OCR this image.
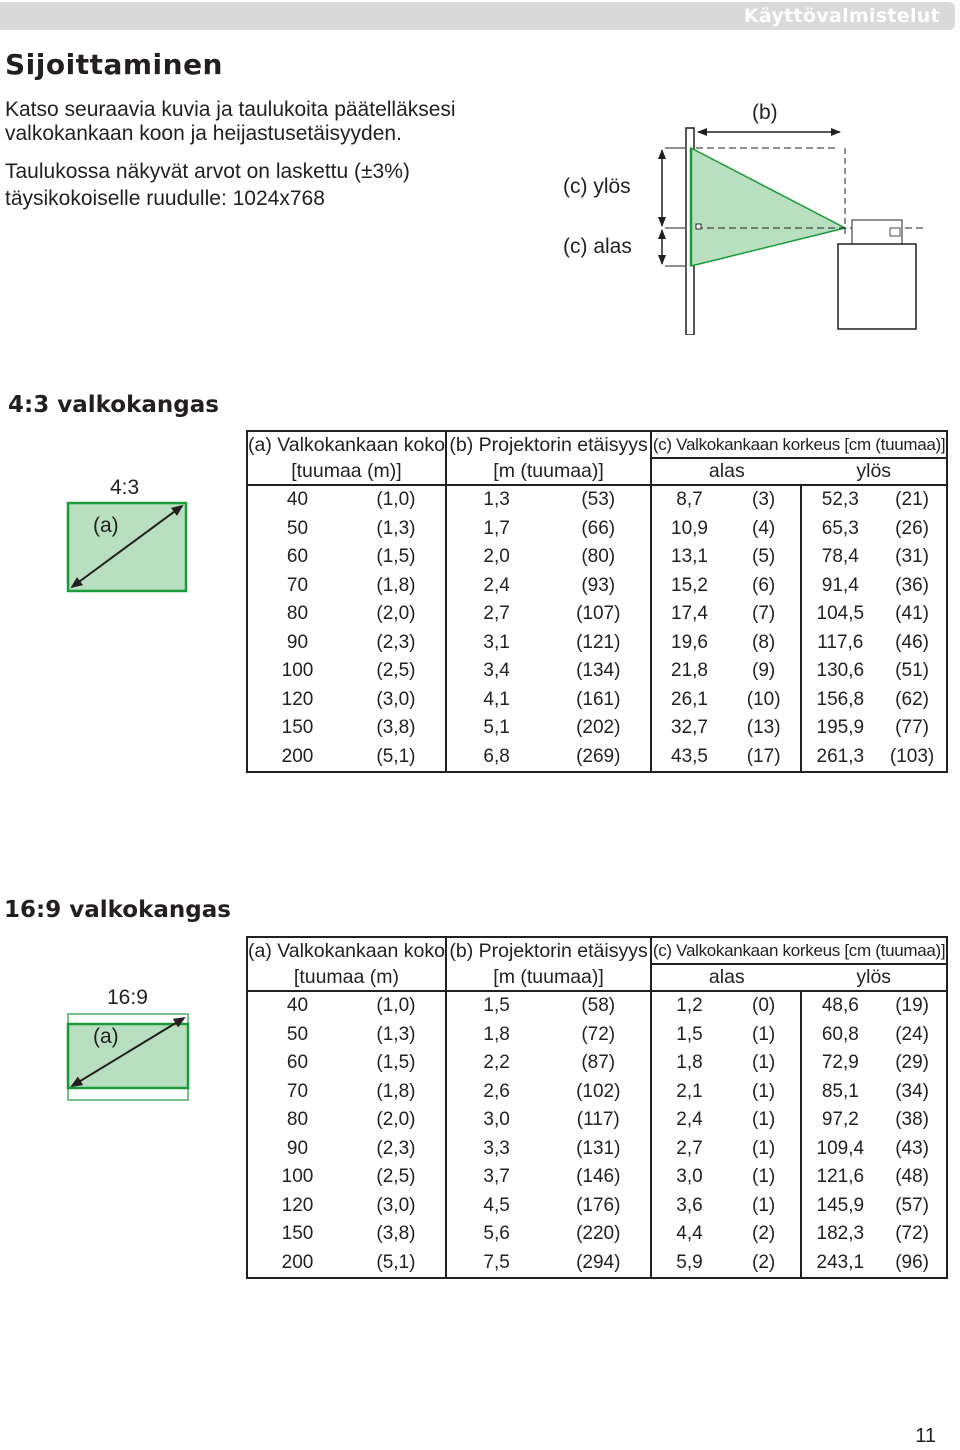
Käyttövalmistelut
Sijoittaminen
Katso seuraavia kuvia ja taulukoita päätelläksesi
valkokankaan koon ja heijastusetäisyyden.
Taulukossa näkyvät arvot on laskettu (±3%)
täysikokoiselle ruudulle: 1024x768
(b)
(c) ylös
(c) alas
4:3 valkokangas
4:3
(a)
(a) Valkokankaan koko		(b) Projektorin etäisyys		(c) Valkokankaan korkeus [cm (tuumaa)]			
[tuumaa (m)]		[m (tuumaa)]		alas		ylös	
40	(1,0)	1,3	(53)	8,7	(3)	52,3	(21)
50	(1,3)	1,7	(66)	10,9	(4)	65,3	(26)
60	(1,5)	2,0	(80)	13,1	(5)	78,4	(31)
70	(1,8)	2,4	(93)	15,2	(6)	91,4	(36)
80	(2,0)	2,7	(107)	17,4	(7)	104,5	(41)
90	(2,3)	3,1	(121)	19,6	(8)	117,6	(46)
100	(2,5)	3,4	(134)	21,8	(9)	130,6	(51)
120	(3,0)	4,1	(161)	26,1	(10)	156,8	(62)
150	(3,8)	5,1	(202)	32,7	(13)	195,9	(77)
200	(5,1)	6,8	(269)	43,5	(17)	261,3	(103)
16:9 valkokangas
16:9
(a)
(a) Valkokankaan koko		(b) Projektorin etäisyys		(c) Valkokankaan korkeus [cm (tuumaa)]			
[tuumaa (m)		[m (tuumaa)]		alas		ylös	
40	(1,0)	1,5	(58)	1,2	(0)	48,6	(19)
50	(1,3)	1,8	(72)	1,5	(1)	60,8	(24)
60	(1,5)	2,2	(87)	1,8	(1)	72,9	(29)
70	(1,8)	2,6	(102)	2,1	(1)	85,1	(34)
80	(2,0)	3,0	(117)	2,4	(1)	97,2	(38)
90	(2,3)	3,3	(131)	2,7	(1)	109,4	(43)
100	(2,5)	3,7	(146)	3,0	(1)	121,6	(48)
120	(3,0)	4,5	(176)	3,6	(1)	145,9	(57)
150	(3,8)	5,6	(220)	4,4	(2)	182,3	(72)
200	(5,1)	7,5	(294)	5,9	(2)	243,1	(96)
11
